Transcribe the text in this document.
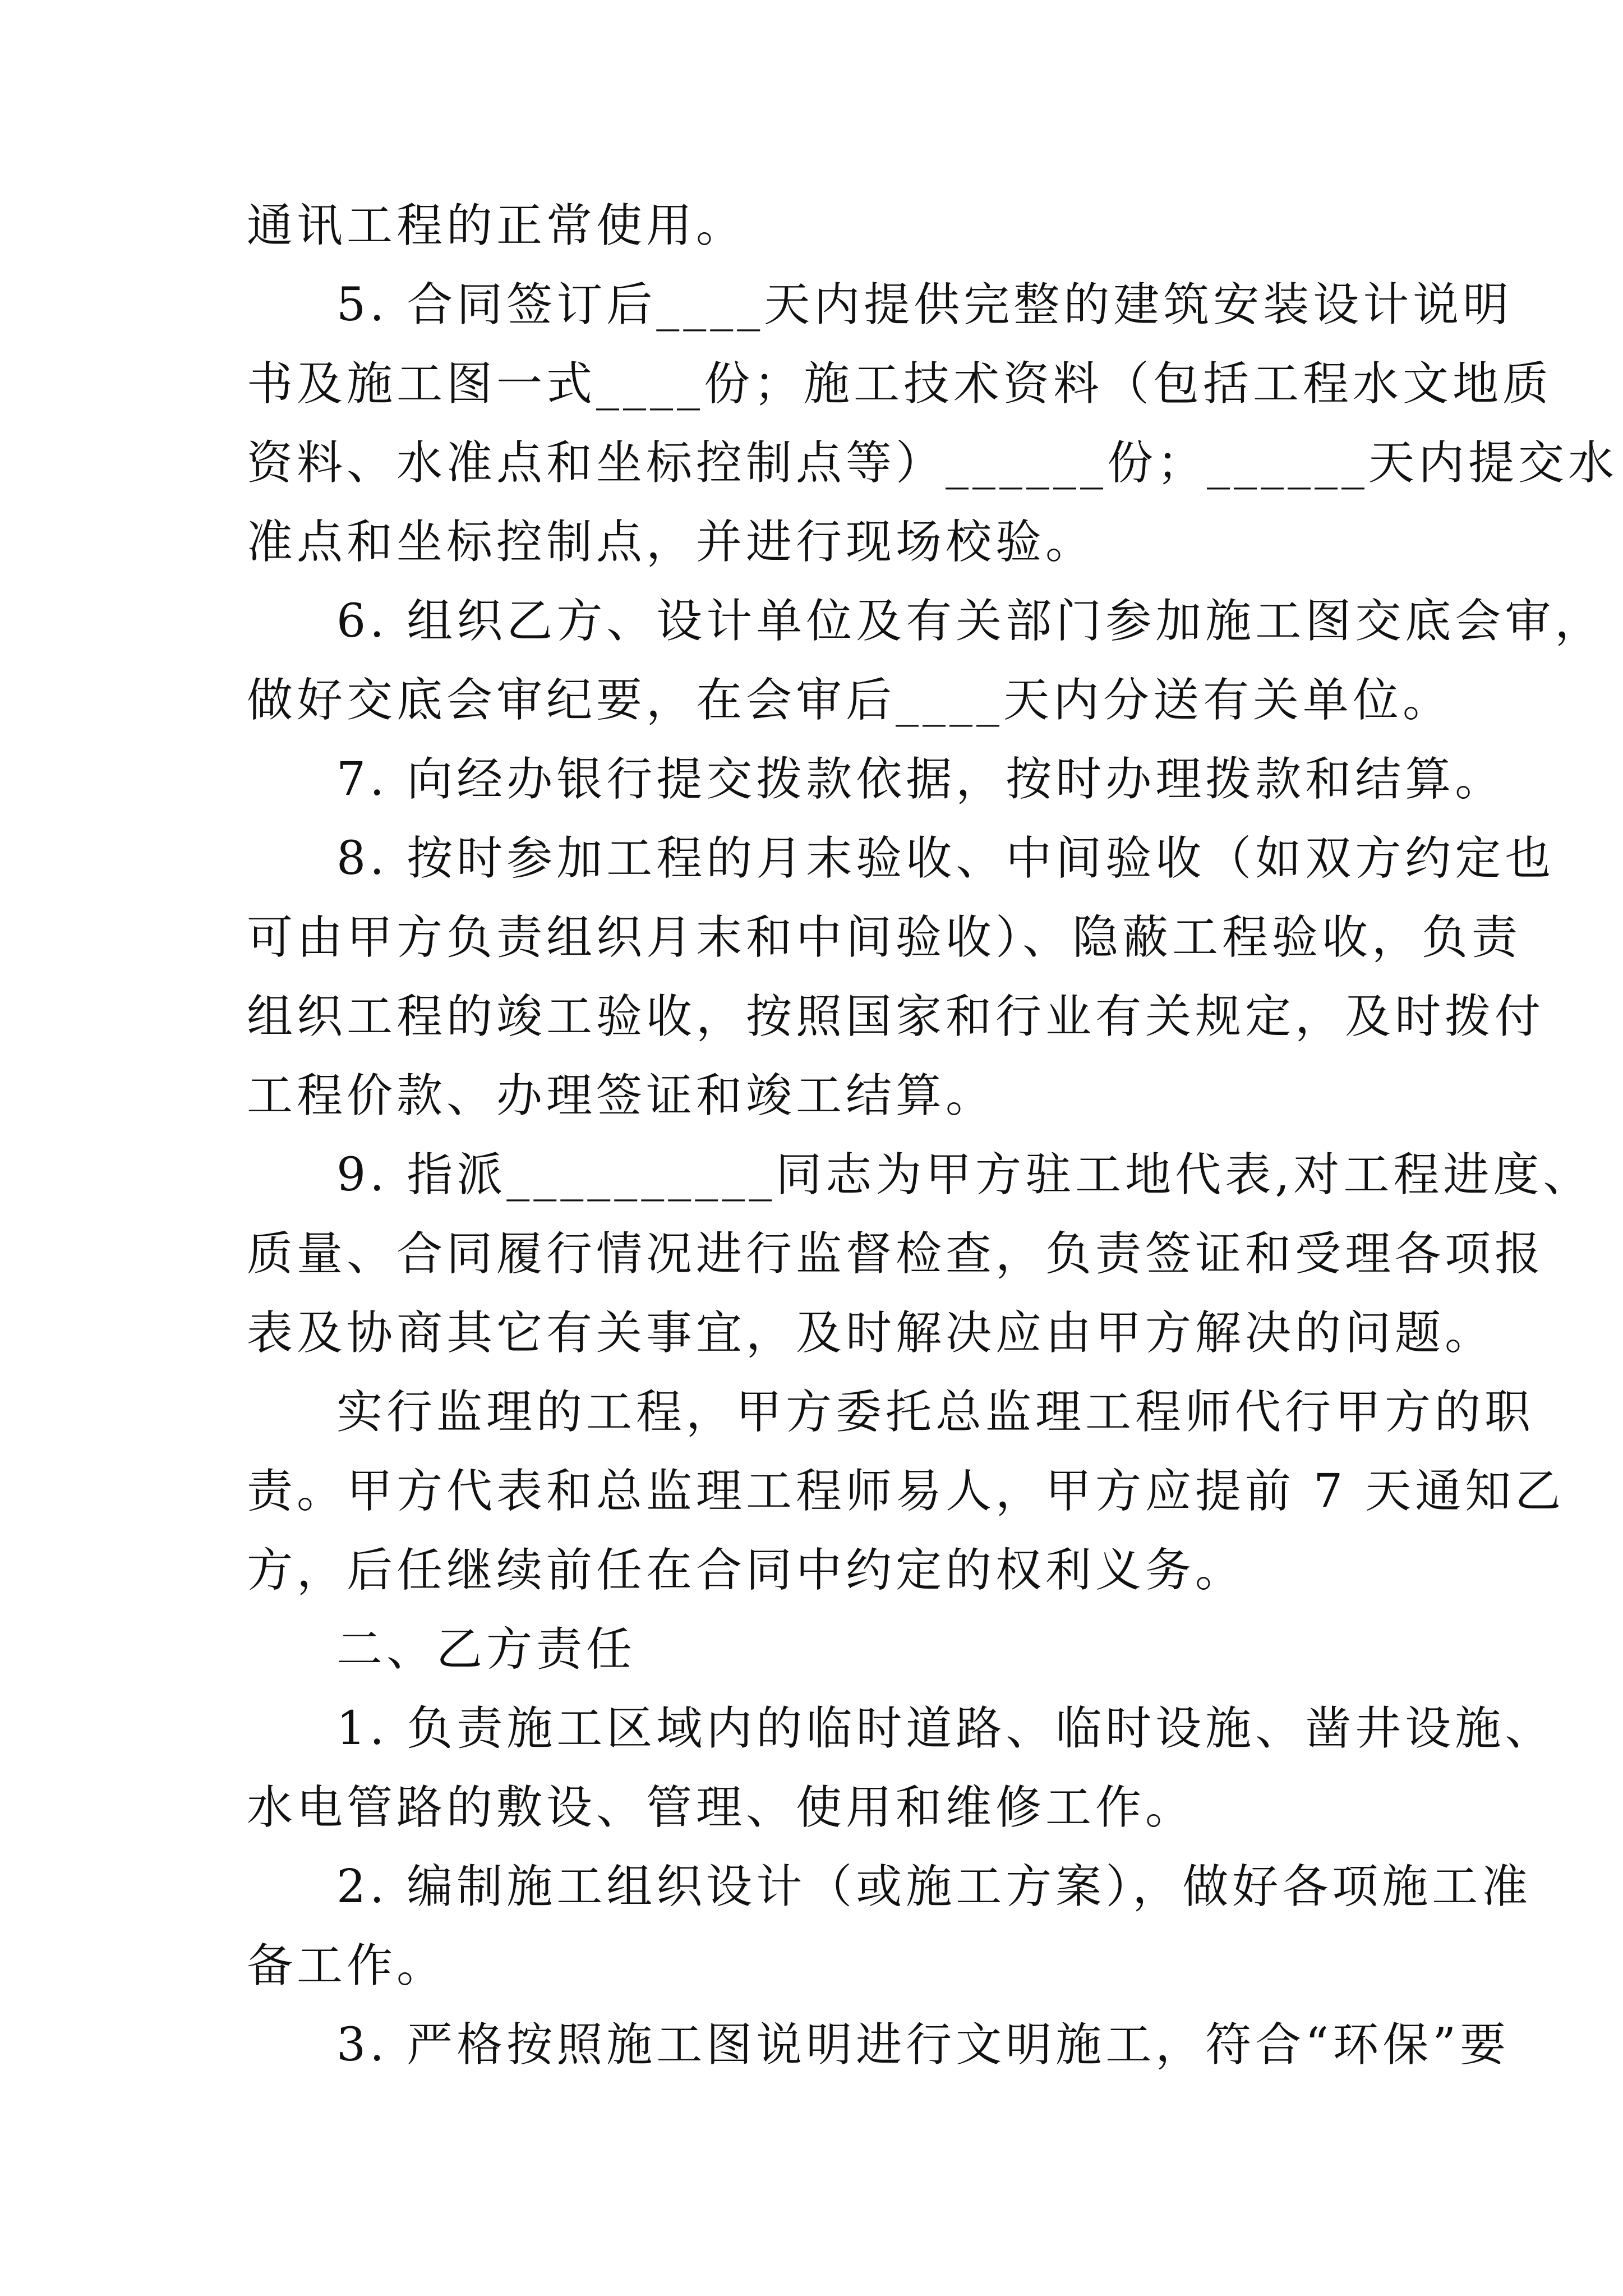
通讯工程的正常使用。
5. 合同签订后____天内提供完整的建筑安装设计说明
书及施工图一式____份；施工技术资料（包括工程水文地质
资料、水准点和坐标控制点等）______份；______天内提交水
准点和坐标控制点，并进行现场校验。
6. 组织乙方、设计单位及有关部门参加施工图交底会审，
做好交底会审纪要，在会审后____天内分送有关单位。
7. 向经办银行提交拨款依据，按时办理拨款和结算。
8. 按时参加工程的月末验收、中间验收（如双方约定也
可由甲方负责组织月末和中间验收）、隐蔽工程验收，负责
组织工程的竣工验收，按照国家和行业有关规定，及时拨付
工程价款、办理签证和竣工结算。
9. 指派__________同志为甲方驻工地代表,对工程进度、
质量、合同履行情况进行监督检查，负责签证和受理各项报
表及协商其它有关事宜，及时解决应由甲方解决的问题。
实行监理的工程，甲方委托总监理工程师代行甲方的职
责。甲方代表和总监理工程师易人，甲方应提前 7 天通知乙
方，后任继续前任在合同中约定的权利义务。
二、乙方责任
1. 负责施工区域内的临时道路、临时设施、凿井设施、
水电管路的敷设、管理、使用和维修工作。
2. 编制施工组织设计（或施工方案），做好各项施工准
备工作。
3. 严格按照施工图说明进行文明施工，符合“环保”要
